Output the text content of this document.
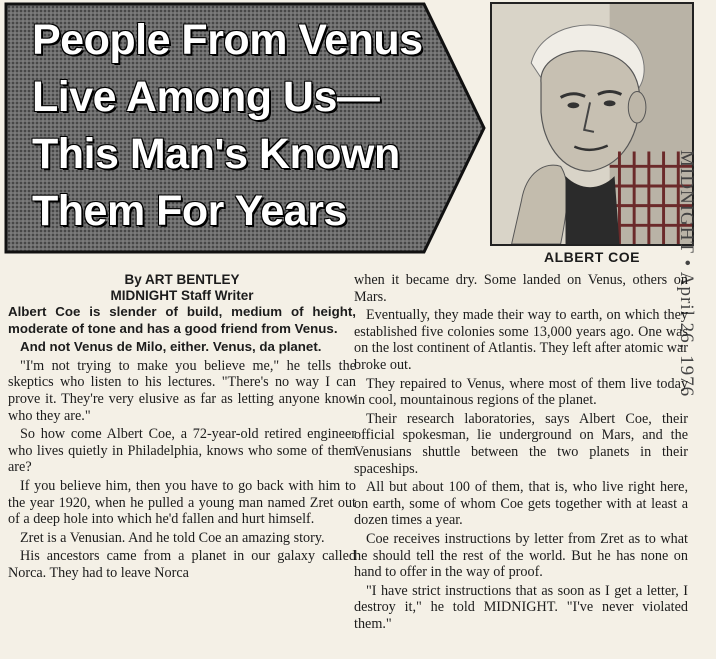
People From Venus
Live Among Us—
This Man's Known
Them For Years
ALBERT COE	MIDNIGHT • April 26, 1976
By ART BENTLEY
MIDNIGHT Staff Writer

Albert Coe is slender of build, medium of height, moderate of tone and has a good friend from Venus.

And not Venus de Milo, either. Venus, da planet.

"I'm not trying to make you believe me," he tells the skeptics who listen to his lectures. "There's no way I can prove it. They're very elusive as far as letting anyone know who they are."

So how come Albert Coe, a 72-year-old retired engineer who lives quietly in Philadelphia, knows who some of them are?

If you believe him, then you have to go back with him to the year 1920, when he pulled a young man named Zret out of a deep hole into which he'd fallen and hurt himself.

Zret is a Venusian. And he told Coe an amazing story.

His ancestors came from a planet in our galaxy called Norca. They had to leave Norca

when it became dry. Some landed on Venus, others on Mars.

Eventually, they made their way to earth, on which they established five colonies some 13,000 years ago. One was on the lost continent of Atlantis. They left after atomic war broke out.

They repaired to Venus, where most of them live today in cool, mountainous regions of the planet.

Their research laboratories, says Albert Coe, their official spokesman, lie underground on Mars, and the Venusians shuttle between the two planets in their spaceships.

All but about 100 of them, that is, who live right here, on earth, some of whom Coe gets together with at least a dozen times a year.

Coe receives instructions by letter from Zret as to what he should tell the rest of the world. But he has none on hand to offer in the way of proof.

"I have strict instructions that as soon as I get a letter, I destroy it," he told MIDNIGHT. "I've never violated them."
